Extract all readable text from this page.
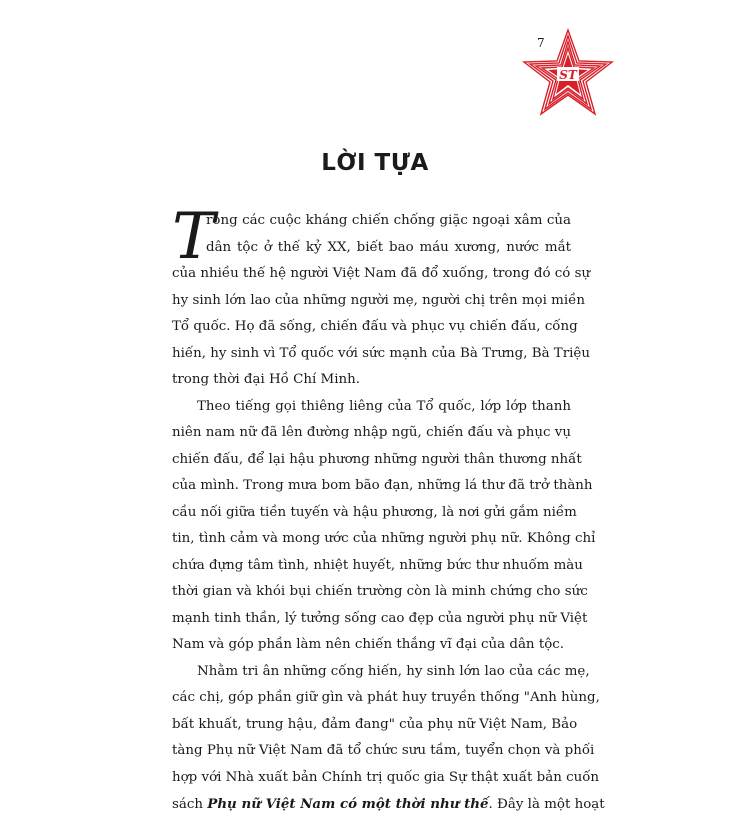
7
ST
LỜI TỰA
T
rong các cuộc kháng chiến chống giặc ngoại xâm của
dân tộc ở thế kỷ XX, biết bao máu xương, nước mắt
của nhiều thế hệ người Việt Nam đã đổ xuống, trong đó có sự
hy sinh lớn lao của những người mẹ, người chị trên mọi miền
Tổ quốc. Họ đã sống, chiến đấu và phục vụ chiến đấu, cống
hiến, hy sinh vì Tổ quốc với sức mạnh của Bà Trưng, Bà Triệu
trong thời đại Hồ Chí Minh.
Theo tiếng gọi thiêng liêng của Tổ quốc, lớp lớp thanh
niên nam nữ đã lên đường nhập ngũ, chiến đấu và phục vụ
chiến đấu, để lại hậu phương những người thân thương nhất
của mình. Trong mưa bom bão đạn, những lá thư đã trở thành
cầu nối giữa tiền tuyến và hậu phương, là nơi gửi gắm niềm
tin, tình cảm và mong ước của những người phụ nữ. Không chỉ
chứa đựng tâm tình, nhiệt huyết, những bức thư nhuốm màu
thời gian và khói bụi chiến trường còn là minh chứng cho sức
mạnh tinh thần, lý tưởng sống cao đẹp của người phụ nữ Việt
Nam và góp phần làm nên chiến thắng vĩ đại của dân tộc.
Nhằm tri ân những cống hiến, hy sinh lớn lao của các mẹ,
các chị, góp phần giữ gìn và phát huy truyền thống "Anh hùng,
bất khuất, trung hậu, đảm đang" của phụ nữ Việt Nam, Bảo
tàng Phụ nữ Việt Nam đã tổ chức sưu tầm, tuyển chọn và phối
hợp với Nhà xuất bản Chính trị quốc gia Sự thật xuất bản cuốn
sách Phụ nữ Việt Nam có một thời như thế. Đây là một hoạt
